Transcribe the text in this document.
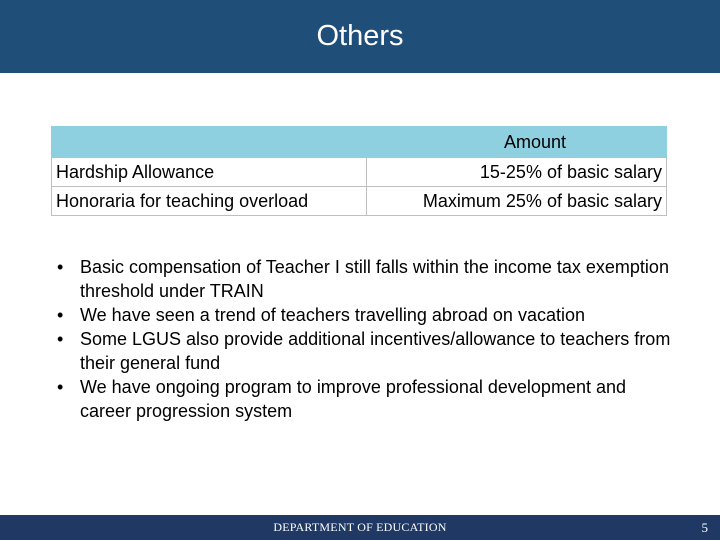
Others
	Amount
Hardship Allowance	15-25% of basic salary
Honoraria for teaching overload	Maximum 25% of basic salary
• Basic compensation of Teacher I still falls within the income tax exemption threshold under TRAIN
• We have seen a trend of teachers travelling abroad on vacation
• Some LGUS also provide additional incentives/allowance to teachers from their general fund
• We have ongoing program to improve professional development and career progression system
DEPARTMENT OF EDUCATION	5
